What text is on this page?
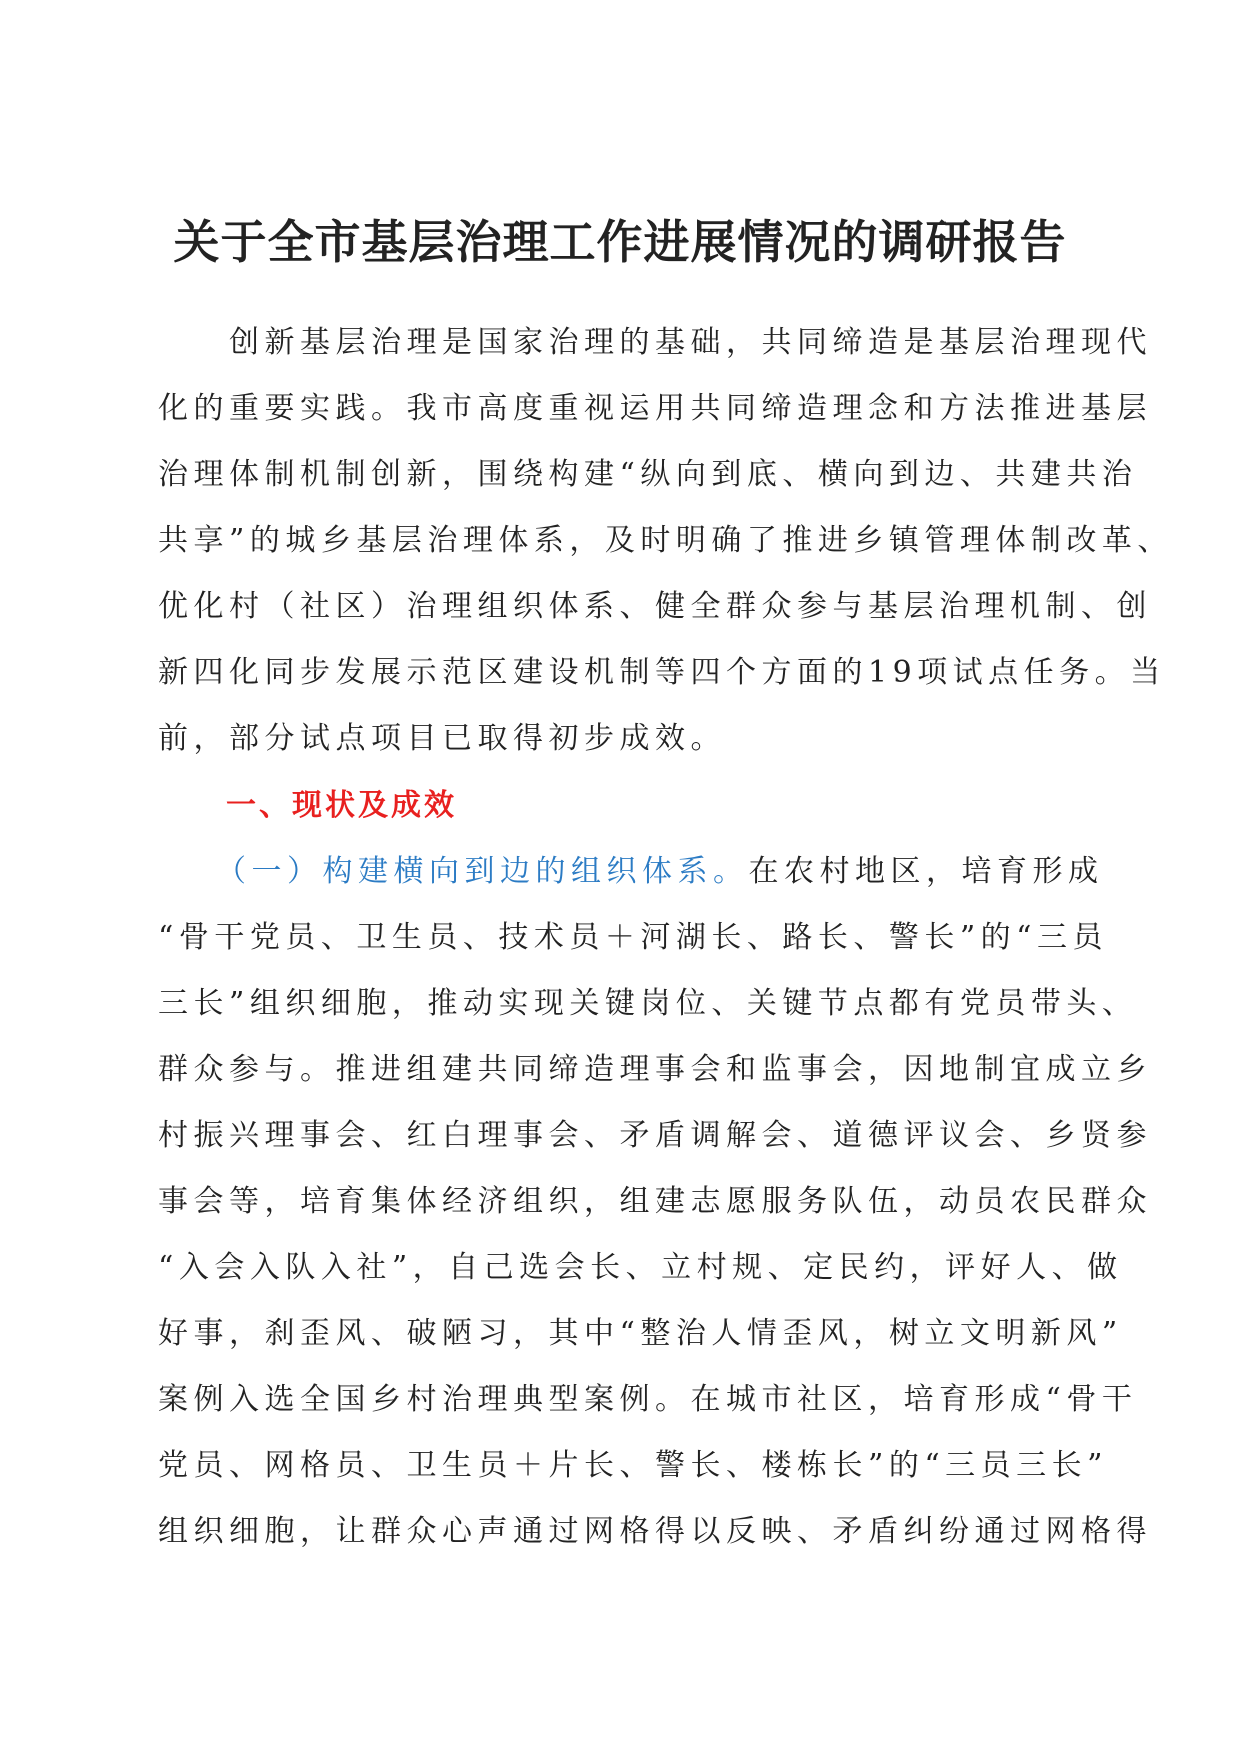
关于全市基层治理工作进展情况的调研报告
　　创新基层治理是国家治理的基础，共同缔造是基层治理现代
化的重要实践。我市高度重视运用共同缔造理念和方法推进基层
治理体制机制创新，围绕构建“纵向到底、横向到边、共建共治
共享”的城乡基层治理体系，及时明确了推进乡镇管理体制改革、
优化村（社区）治理组织体系、健全群众参与基层治理机制、创
新四化同步发展示范区建设机制等四个方面的19项试点任务。当
前，部分试点项目已取得初步成效。
一、现状及成效
（一）构建横向到边的组织体系。在农村地区，培育形成
“骨干党员、卫生员、技术员＋河湖长、路长、警长”的“三员
三长”组织细胞，推动实现关键岗位、关键节点都有党员带头、
群众参与。推进组建共同缔造理事会和监事会，因地制宜成立乡
村振兴理事会、红白理事会、矛盾调解会、道德评议会、乡贤参
事会等，培育集体经济组织，组建志愿服务队伍，动员农民群众
“入会入队入社”，自己选会长、立村规、定民约，评好人、做
好事，刹歪风、破陋习，其中“整治人情歪风，树立文明新风”
案例入选全国乡村治理典型案例。在城市社区，培育形成“骨干
党员、网格员、卫生员＋片长、警长、楼栋长”的“三员三长”
组织细胞，让群众心声通过网格得以反映、矛盾纠纷通过网格得
